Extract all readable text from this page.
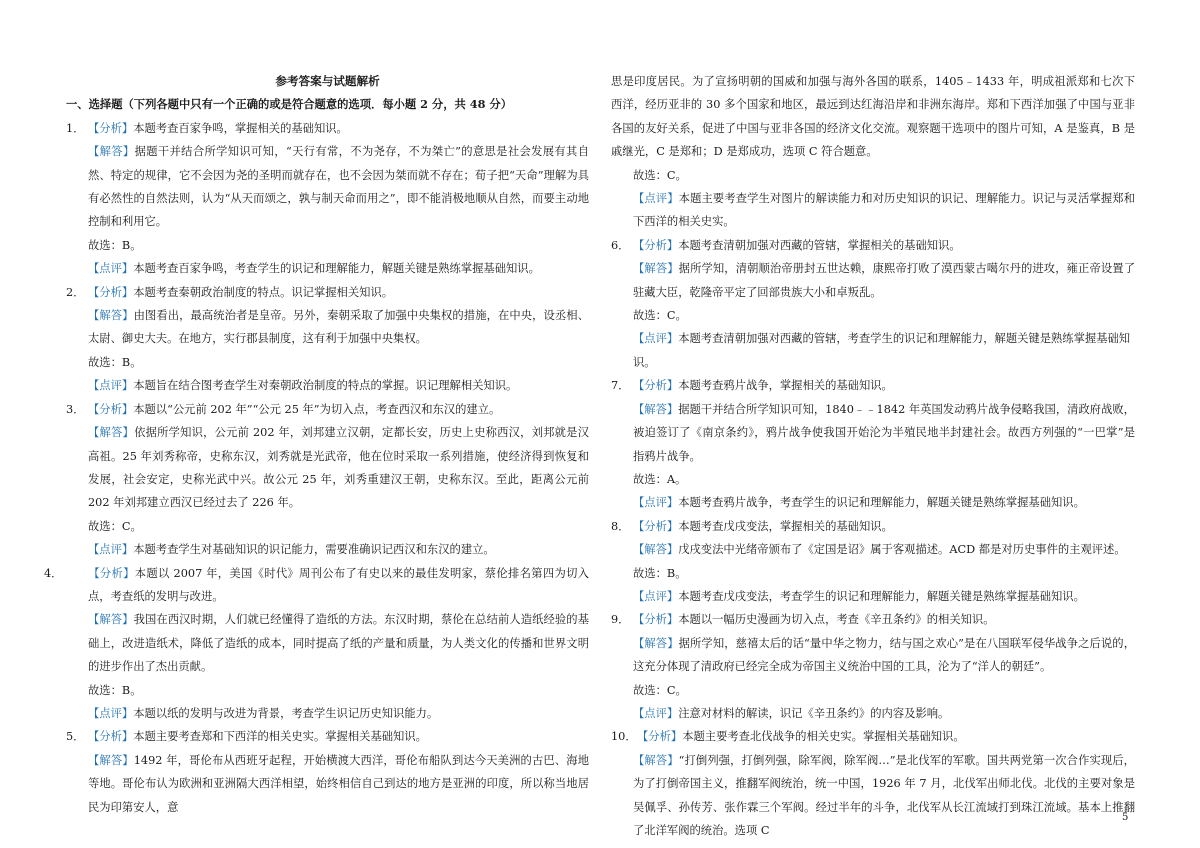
参考答案与试题解析
一、选择题（下列各题中只有一个正确的或是符合题意的选项．每小题 2 分，共 48 分）
1． 【分析】本题考查百家争鸣，掌握相关的基础知识。
【解答】据题干并结合所学知识可知，“天行有常，不为尧存，不为桀亡”的意思是社会发展有其自然、特定的规律，它不会因为尧的圣明而就存在，也不会因为桀而就不存在；荀子把“天命”理解为具有必然性的自然法则，认为“从天而颂之，孰与制天命而用之”，即不能消极地顺从自然，而要主动地控制和利用它。
故选：B。
【点评】本题考查百家争鸣，考查学生的识记和理解能力，解题关键是熟练掌握基础知识。
2． 【分析】本题考查秦朝政治制度的特点。识记掌握相关知识。
【解答】由图看出，最高统治者是皇帝。另外，秦朝采取了加强中央集权的措施，在中央，设丞相、太尉、御史大夫。在地方，实行郡县制度，这有利于加强中央集权。
故选：B。
【点评】本题旨在结合图考查学生对秦朝政治制度的特点的掌握。识记理解相关知识。
3． 【分析】本题以“公元前 202 年”“公元 25 年”为切入点，考查西汉和东汉的建立。
【解答】依据所学知识，公元前 202 年，刘邦建立汉朝，定都长安，历史上史称西汉，刘邦就是汉高祖。25 年刘秀称帝，史称东汉，刘秀就是光武帝，他在位时采取一系列措施，使经济得到恢复和发展，社会安定，史称光武中兴。故公元 25 年，刘秀重建汉王朝，史称东汉。至此，距离公元前 202 年刘邦建立西汉已经过去了 226 年。
故选：C。
【点评】本题考查学生对基础知识的识记能力，需要准确识记西汉和东汉的建立。
4． 【分析】本题以 2007 年，美国《时代》周刊公布了有史以来的最佳发明家，蔡伦排名第四为切入点，考查纸的发明与改进。
【解答】我国在西汉时期，人们就已经懂得了造纸的方法。东汉时期，蔡伦在总结前人造纸经验的基础上，改进造纸术，降低了造纸的成本，同时提高了纸的产量和质量，为人类文化的传播和世界文明的进步作出了杰出贡献。
故选：B。
【点评】本题以纸的发明与改进为背景，考查学生识记历史知识能力。
5． 【分析】本题主要考查郑和下西洋的相关史实。掌握相关基础知识。
【解答】1492 年，哥伦布从西班牙起程，开始横渡大西洋，哥伦布船队到达今天美洲的古巴、海地等地。哥伦布认为欧洲和亚洲隔大西洋相望，始终相信自己到达的地方是亚洲的印度，所以称当地居民为印第安人，意
思是印度居民。为了宣扬明朝的国威和加强与海外各国的联系，1405﹣1433 年，明成祖派郑和七次下西洋，经历亚非的 30 多个国家和地区，最远到达红海沿岸和非洲东海岸。郑和下西洋加强了中国与亚非各国的友好关系，促进了中国与亚非各国的经济文化交流。观察题干选项中的图片可知，A 是鉴真，B 是戚继光，C 是郑和；D 是郑成功，选项 C 符合题意。
故选：C。
【点评】本题主要考查学生对图片的解读能力和对历史知识的识记、理解能力。识记与灵活掌握郑和下西洋的相关史实。
6． 【分析】本题考查清朝加强对西藏的管辖，掌握相关的基础知识。
【解答】据所学知，清朝顺治帝册封五世达赖，康熙帝打败了漠西蒙古噶尔丹的进攻，雍正帝设置了驻藏大臣，乾隆帝平定了回部贵族大小和卓叛乱。
故选：C。
【点评】本题考查清朝加强对西藏的管辖，考查学生的识记和理解能力，解题关键是熟练掌握基础知识。
7． 【分析】本题考查鸦片战争，掌握相关的基础知识。
【解答】据题干并结合所学知识可知，1840﹣﹣1842 年英国发动鸦片战争侵略我国，清政府战败，被迫签订了《南京条约》，鸦片战争使我国开始沦为半殖民地半封建社会。故西方列强的“一巴掌”是指鸦片战争。
故选：A。
【点评】本题考查鸦片战争，考查学生的识记和理解能力，解题关键是熟练掌握基础知识。
8． 【分析】本题考查戊戌变法，掌握相关的基础知识。
【解答】戊戌变法中光绪帝颁布了《定国是诏》属于客观描述。ACD 都是对历史事件的主观评述。
故选：B。
【点评】本题考查戊戌变法，考查学生的识记和理解能力，解题关键是熟练掌握基础知识。
9． 【分析】本题以一幅历史漫画为切入点，考查《辛丑条约》的相关知识。
【解答】据所学知，慈禧太后的话“量中华之物力，结与国之欢心”是在八国联军侵华战争之后说的，这充分体现了清政府已经完全成为帝国主义统治中国的工具，沦为了“洋人的朝廷”。
故选：C。
【点评】注意对材料的解读，识记《辛丑条约》的内容及影响。
10．【分析】本题主要考查北伐战争的相关史实。掌握相关基础知识。
【解答】“打倒列强，打倒列强，除军阀，除军阀…”是北伐军的军歌。国共两党第一次合作实现后，为了打倒帝国主义，推翻军阀统治，统一中国，1926 年 7 月，北伐军出师北伐。北伐的主要对象是吴佩孚、孙传芳、张作霖三个军阀。经过半年的斗争，北伐军从长江流域打到珠江流域。基本上推翻了北洋军阀的统治。选项 C
5
